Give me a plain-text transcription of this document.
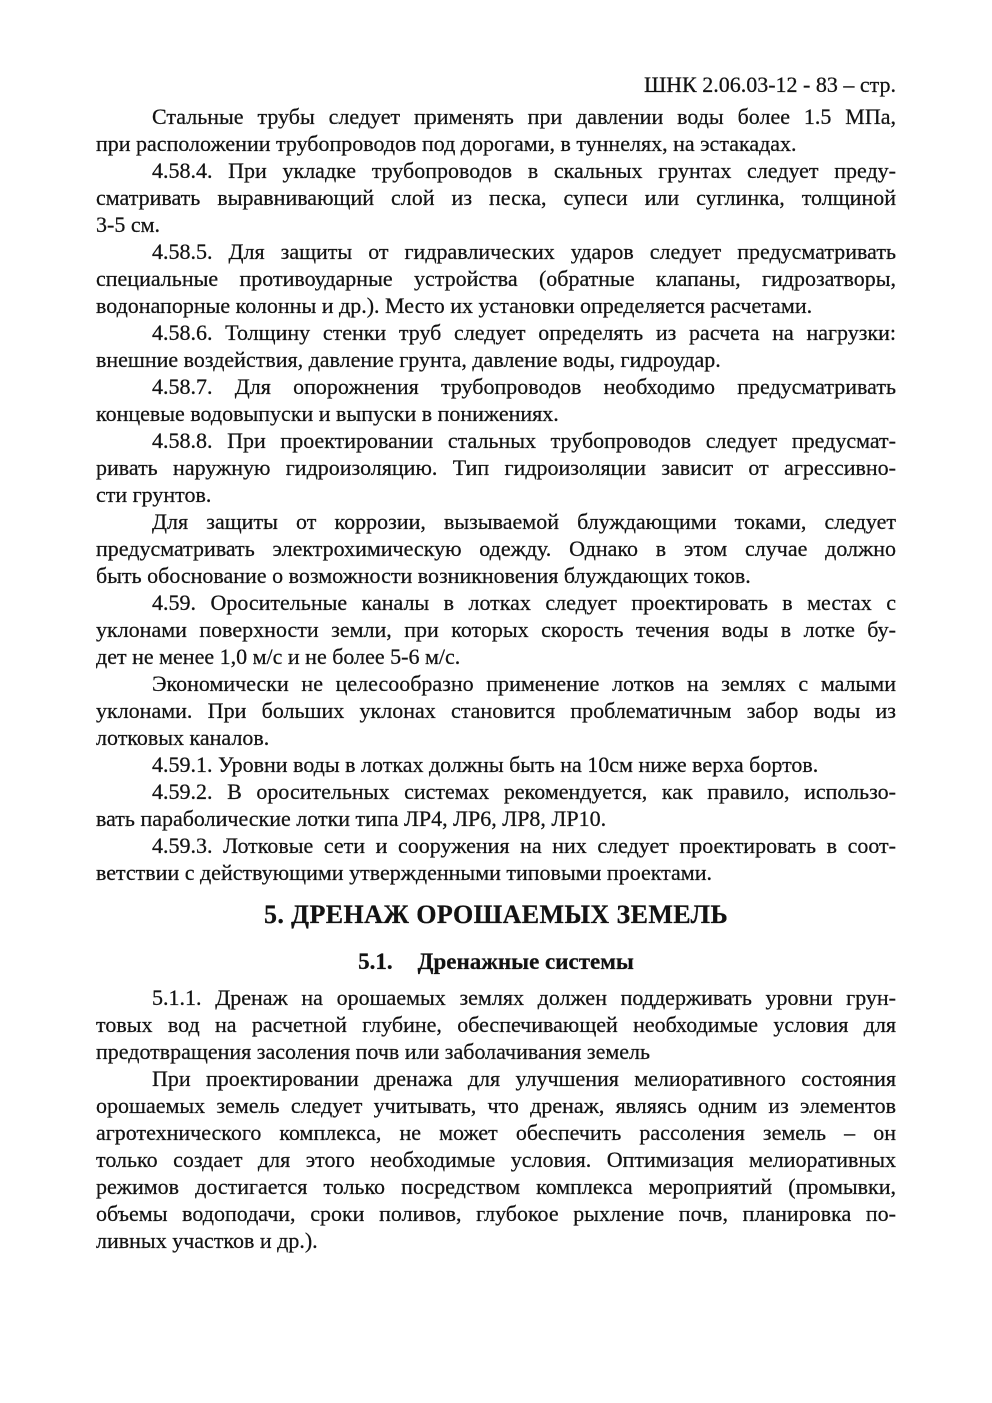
ШНК 2.06.03-12 - 83 – стр.
Стальные трубы следует применять при давлении воды более 1.5 МПа,
при расположении трубопроводов под дорогами, в туннелях, на эстакадах.
4.58.4. При укладке трубопроводов в скальных грунтах следует преду-
сматривать выравнивающий слой из песка, супеси или суглинка, толщиной
3-5 см.
4.58.5. Для защиты от гидравлических ударов следует предусматривать
специальные противоударные устройства (обратные клапаны, гидрозатворы,
водонапорные колонны и др.). Место их установки определяется расчетами.
4.58.6. Толщину стенки труб следует определять из расчета на нагрузки:
внешние воздействия, давление грунта, давление воды, гидроудар.
4.58.7. Для опорожнения трубопроводов необходимо предусматривать
концевые водовыпуски и выпуски в понижениях.
4.58.8. При проектировании стальных трубопроводов следует предусмат-
ривать наружную гидроизоляцию. Тип гидроизоляции зависит от агрессивно-
сти грунтов.
Для защиты от коррозии, вызываемой блуждающими токами, следует
предусматривать электрохимическую одежду. Однако в этом случае должно
быть обоснование о возможности возникновения блуждающих токов.
4.59. Оросительные каналы в лотках следует проектировать в местах с
уклонами поверхности земли, при которых скорость течения воды в лотке бу-
дет не менее 1,0 м/с и не более 5-6 м/с.
Экономически не целесообразно применение лотков на землях с малыми
уклонами. При больших уклонах становится проблематичным забор воды из
лотковых каналов.
4.59.1. Уровни воды в лотках должны быть на 10см ниже верха бортов.
4.59.2. В оросительных системах рекомендуется, как правило, использо-
вать параболические лотки типа ЛР4, ЛР6, ЛР8, ЛР10.
4.59.3. Лотковые сети и сооружения на них следует проектировать в соот-
ветствии с действующими утвержденными типовыми проектами.
5. ДРЕНАЖ ОРОШАЕМЫХ ЗЕМЕЛЬ
5.1. Дренажные системы
5.1.1. Дренаж на орошаемых землях должен поддерживать уровни грун-
товых вод на расчетной глубине, обеспечивающей необходимые условия для
предотвращения засоления почв или заболачивания земель
При проектировании дренажа для улучшения мелиоративного состояния
орошаемых земель следует учитывать, что дренаж, являясь одним из элементов
агротехнического комплекса, не может обеспечить рассоления земель – он
только создает для этого необходимые условия. Оптимизация мелиоративных
режимов достигается только посредством комплекса мероприятий (промывки,
объемы водоподачи, сроки поливов, глубокое рыхление почв, планировка по-
ливных участков и др.).
